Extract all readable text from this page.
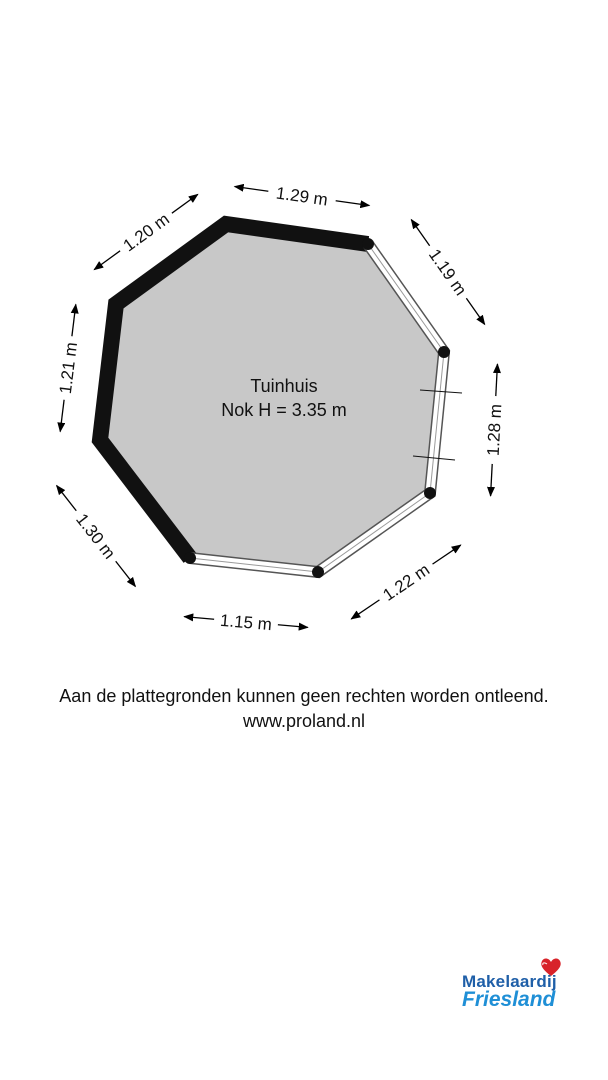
Tuinhuis
Nok H = 3.35 m
1.29 m
1.20 m
1.19 m
1.21 m
1.28 m
1.30 m
1.22 m
1.15 m
Aan de plattegronden kunnen geen rechten worden ontleend.
www.proland.nl
Makelaardij
Friesland
